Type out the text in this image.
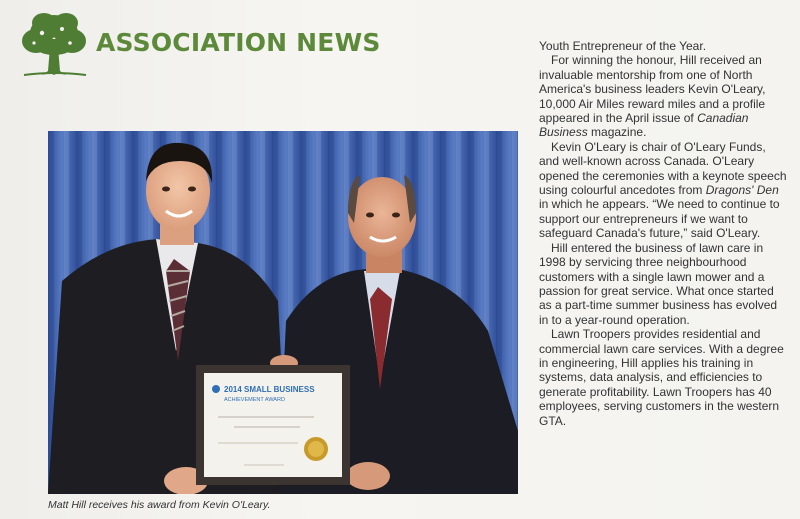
ASSOCIATION NEWS
2014 SMALL BUSINESS
ACHIEVEMENT AWARD
Matt Hill receives his award from Kevin O'Leary.

Youth Entrepreneur of the Year.

For winning the honour, Hill received an invaluable mentorship from one of North America's business leaders Kevin O'Leary, 10,000 Air Miles reward miles and a profile appeared in the April issue of Canadian Business magazine.

Kevin O'Leary is chair of O'Leary Funds, and well-known across Canada. O'Leary opened the ceremonies with a keynote speech using colourful ancedotes from Dragons' Den in which he appears. “We need to continue to support our entrepreneurs if we want to safeguard Canada's future,” said O'Leary.

Hill entered the business of lawn care in 1998 by servicing three neighbourhood customers with a single lawn mower and a passion for great service. What once started as a part-time summer business has evolved in to a year-round operation.

Lawn Troopers provides residential and commercial lawn care services. With a degree in engineering, Hill applies his training in systems, data analysis, and efficiencies to generate profitability. Lawn Troopers has 40 employees, serving customers in the western GTA.
